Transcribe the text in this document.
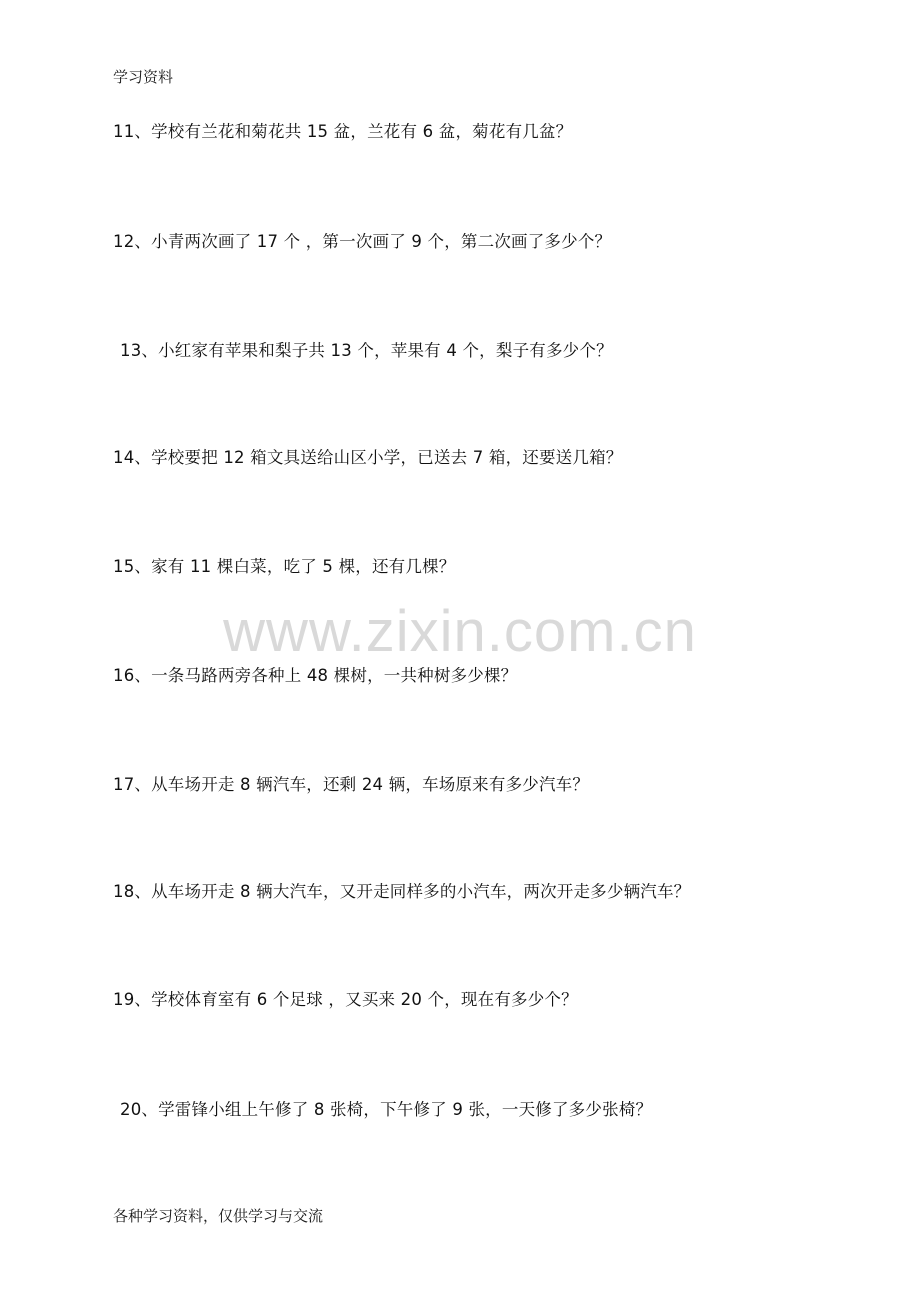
学习资料
www.zixin.com.cn
11、学校有兰花和菊花共 15 盆，兰花有 6 盆，菊花有几盆？
12、小青两次画了 17 个 ，第一次画了 9 个，第二次画了多少个？
13、小红家有苹果和梨子共 13 个，苹果有 4 个，梨子有多少个？
14、学校要把 12 箱文具送给山区小学，已送去 7 箱，还要送几箱？
15、家有 11 棵白菜，吃了 5 棵，还有几棵？
16、一条马路两旁各种上 48 棵树，一共种树多少棵？
17、从车场开走 8 辆汽车，还剩 24 辆，车场原来有多少汽车？
18、从车场开走 8 辆大汽车，又开走同样多的小汽车，两次开走多少辆汽车？
19、学校体育室有 6 个足球 ，又买来 20 个，现在有多少个？
20、学雷锋小组上午修了 8 张椅，下午修了 9 张，一天修了多少张椅？
各种学习资料，仅供学习与交流
